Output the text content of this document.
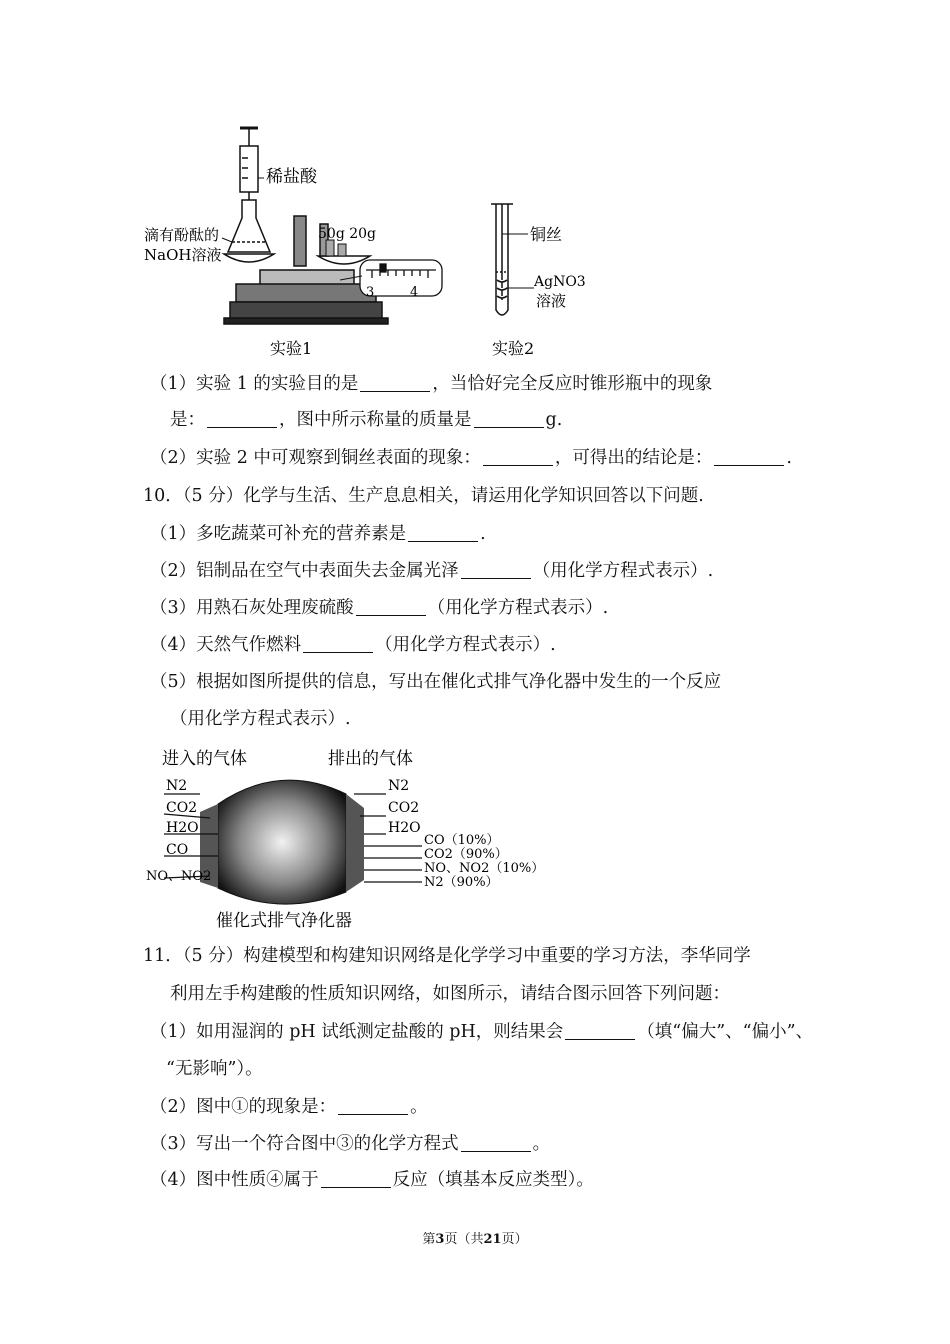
稀盐酸
滴有酚酞的
NaOH溶液
50g 20g
3	4
实验1
铜丝
AgNO3
溶液
实验2
（1）实验 1 的实验目的是	，当恰好完全反应时锥形瓶中的现象
是：	，图中所示称量的质量是	g.
（2）实验 2 中可观察到铜丝表面的现象：	，可得出的结论是：	.
10．（5 分）化学与生活、生产息息相关，请运用化学知识回答以下问题.
（1）多吃蔬菜可补充的营养素是	.
（2）铝制品在空气中表面失去金属光泽	（用化学方程式表示）.
（3）用熟石灰处理废硫酸	（用化学方程式表示）.
（4）天然气作燃料	（用化学方程式表示）.
（5）根据如图所提供的信息，写出在催化式排气净化器中发生的一个反应
（用化学方程式表示）.
进入的气体	排出的气体
N2
CO2
H2O
CO
NO、NO2
N2
CO2
H2O
CO（10%）
CO2（90%）
NO、NO2（10%）
N2（90%）
催化式排气净化器
11．（5 分）构建模型和构建知识网络是化学学习中重要的学习方法，李华同学
利用左手构建酸的性质知识网络，如图所示，请结合图示回答下列问题：
（1）如用湿润的 pH 试纸测定盐酸的 pH，则结果会	（填“偏大”、“偏小”、
“无影响”）。
（2）图中①的现象是：	。
（3）写出一个符合图中③的化学方程式	。
（4）图中性质④属于	反应（填基本反应类型）。
第3页（共21页）
